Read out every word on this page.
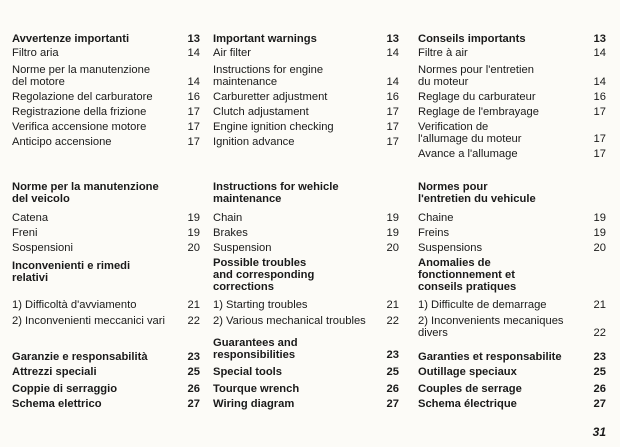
Avvertenze importanti	13
Filtro aria	14
Norme per la manutenzione
del motore	14
Regolazione del carburatore	16
Registrazione della frizione	17
Verifica accensione motore	17
Anticipo accensione	17
Norme per la manutenzione
del veicolo
Catena	19
Freni	19
Sospensioni	20
Inconvenienti e rimedi
relativi
1) Difficoltà d'avviamento	21
2) Inconvenienti meccanici vari	22
Garanzie e responsabilità	23
Attrezzi speciali	25
Coppie di serraggio	26
Schema elettrico	27
Important warnings	13
Air filter	14
Instructions for engine
maintenance	14
Carburetter adjustment	16
Clutch adjustament	17
Engine ignition checking	17
Ignition advance	17
Instructions for wehicle
maintenance
Chain	19
Brakes	19
Suspension	20
Possible troubles
and corresponding
corrections
1) Starting troubles	21
2) Various mechanical troubles	22
Guarantees and
responsibilities	23
Special tools	25
Tourque wrench	26
Wiring diagram	27
Conseils importants	13
Filtre à air	14
Normes pour l'entretien
du moteur	14
Reglage du carburateur	16
Reglage de l'embrayage	17
Verification de
l'allumage du moteur	17
Avance a l'allumage	17
Normes pour
l'entretien du vehicule
Chaine	19
Freins	19
Suspensions	20
Anomalies de
fonctionnement et
conseils pratiques
1) Difficulte de demarrage	21
2) Inconvenients mecaniques
divers	22
Garanties et responsabilite	23
Outillage speciaux	25
Couples de serrage	26
Schema électrique	27
31
